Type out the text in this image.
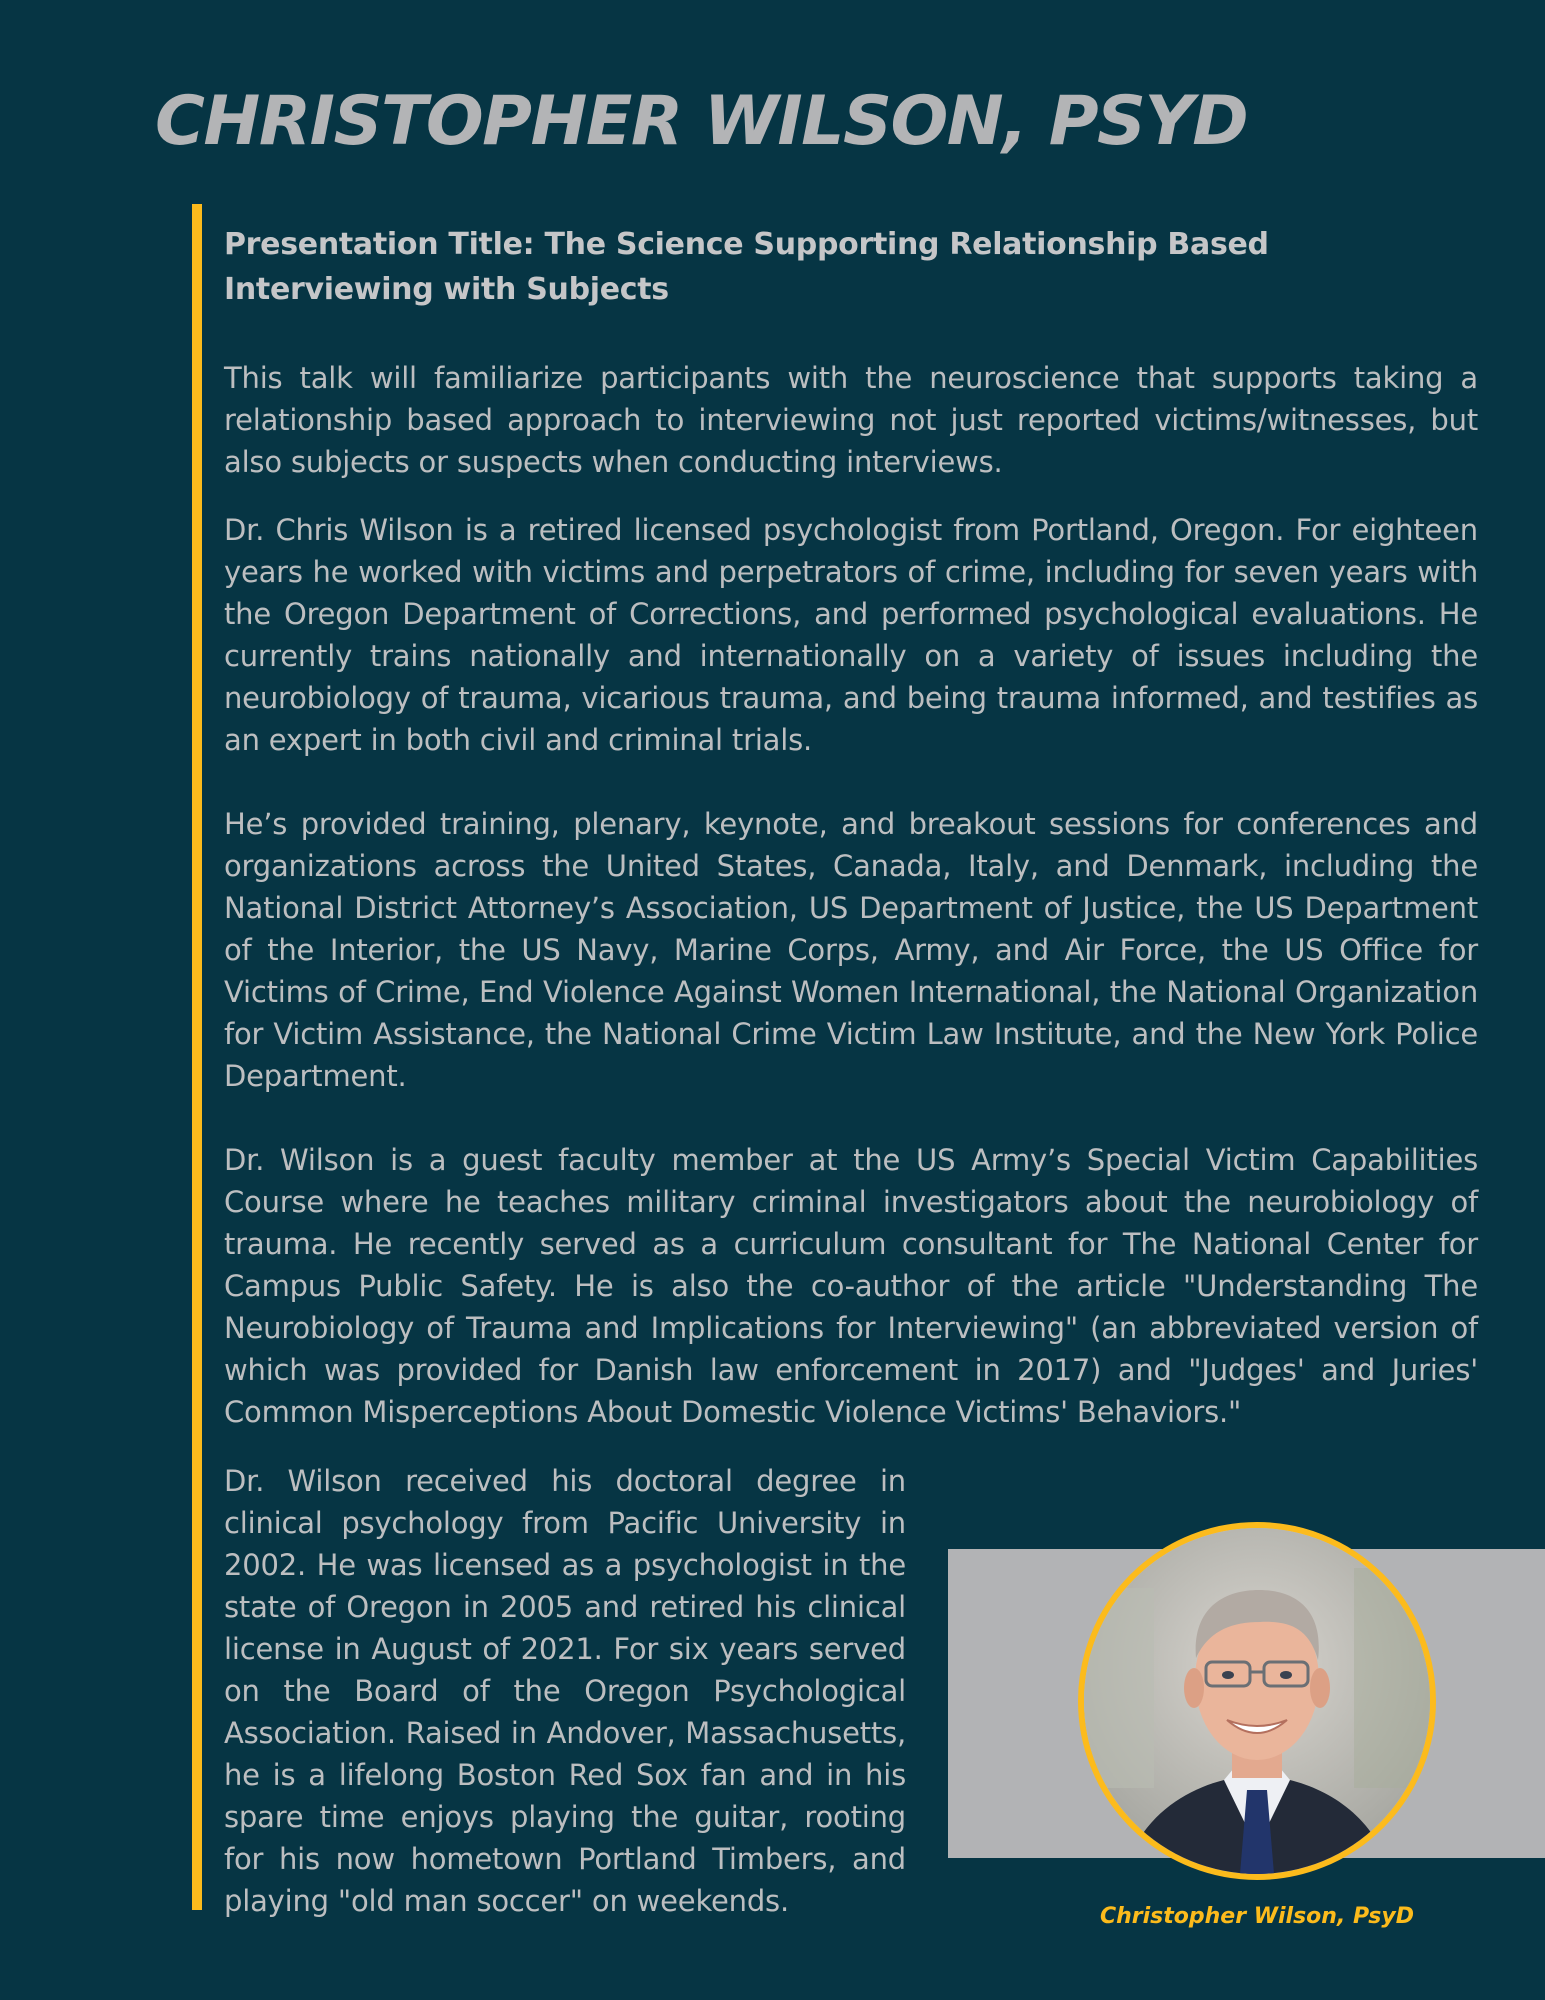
CHRISTOPHER WILSON, PSYD

Presentation Title: The Science Supporting Relationship Based Interviewing with Subjects

This talk will familiarize participants with the neuroscience that supports taking a relationship based approach to interviewing not just reported victims/witnesses, but also subjects or suspects when conducting interviews.

Dr. Chris Wilson is a retired licensed psychologist from Portland, Oregon. For eighteen years he worked with victims and perpetrators of crime, including for seven years with the Oregon Department of Corrections, and performed psychological evaluations. He currently trains nationally and internationally on a variety of issues including the neurobiology of trauma, vicarious trauma, and being trauma informed, and testifies as an expert in both civil and criminal trials.

He’s provided training, plenary, keynote, and breakout sessions for conferences and organizations across the United States, Canada, Italy, and Denmark, including the National District Attorney’s Association, US Department of Justice, the US Department of the Interior, the US Navy, Marine Corps, Army, and Air Force, the US Office for Victims of Crime, End Violence Against Women International, the National Organization for Victim Assistance, the National Crime Victim Law Institute, and the New York Police Department.

Dr. Wilson is a guest faculty member at the US Army’s Special Victim Capabilities Course where he teaches military criminal investigators about the neurobiology of trauma. He recently served as a curriculum consultant for The National Center for Campus Public Safety. He is also the co-author of the article "Understanding The Neurobiology of Trauma and Implications for Interviewing" (an abbreviated version of which was provided for Danish law enforcement in 2017) and "Judges' and Juries' Common Misperceptions About Domestic Violence Victims' Behaviors."

Dr. Wilson received his doctoral degree in clinical psychology from Pacific University in 2002. He was licensed as a psychologist in the state of Oregon in 2005 and retired his clinical license in August of 2021. For six years served on the Board of the Oregon Psychological Association. Raised in Andover, Massachusetts, he is a lifelong Boston Red Sox fan and in his spare time enjoys playing the guitar, rooting for his now hometown Portland Timbers, and playing "old man soccer" on weekends.	Christopher Wilson, PsyD
